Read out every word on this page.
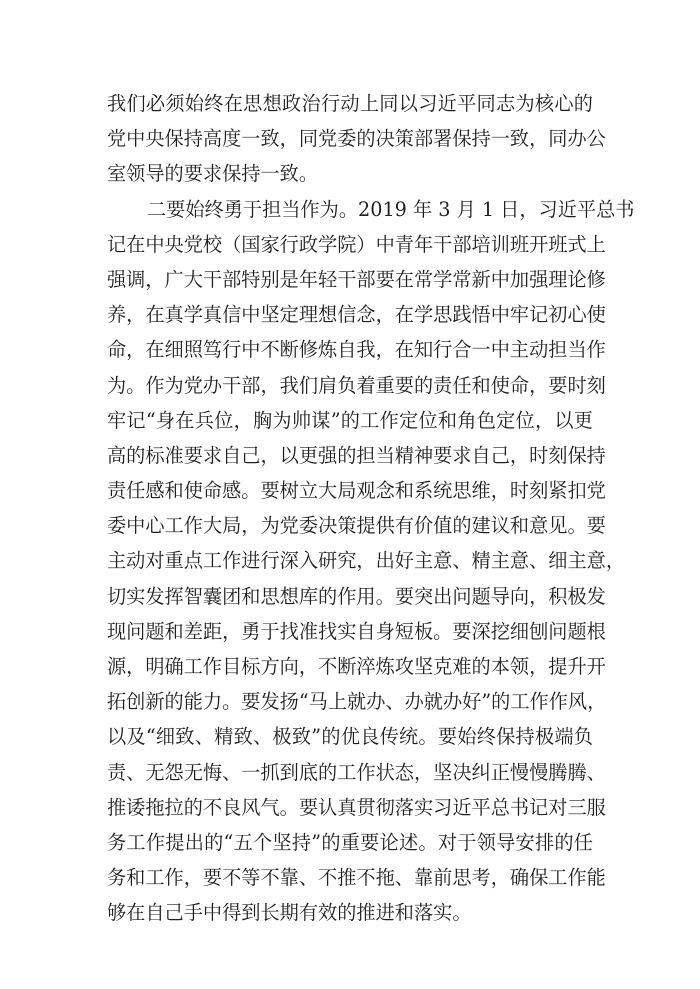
我们必须始终在思想政治行动上同以习近平同志为核心的
党中央保持高度一致，同党委的决策部署保持一致，同办公
室领导的要求保持一致。
二要始终勇于担当作为。2019 年 3 月 1 日，习近平总书
记在中央党校（国家行政学院）中青年干部培训班开班式上
强调，广大干部特别是年轻干部要在常学常新中加强理论修
养，在真学真信中坚定理想信念，在学思践悟中牢记初心使
命，在细照笃行中不断修炼自我，在知行合一中主动担当作
为。作为党办干部，我们肩负着重要的责任和使命，要时刻
牢记“身在兵位，胸为帅谋”的工作定位和角色定位，以更
高的标准要求自己，以更强的担当精神要求自己，时刻保持
责任感和使命感。要树立大局观念和系统思维，时刻紧扣党
委中心工作大局，为党委决策提供有价值的建议和意见。要
主动对重点工作进行深入研究，出好主意、精主意、细主意，
切实发挥智囊团和思想库的作用。要突出问题导向，积极发
现问题和差距，勇于找准找实自身短板。要深挖细刨问题根
源，明确工作目标方向，不断淬炼攻坚克难的本领，提升开
拓创新的能力。要发扬“马上就办、办就办好”的工作作风，
以及“细致、精致、极致”的优良传统。要始终保持极端负
责、无怨无悔、一抓到底的工作状态，坚决纠正慢慢腾腾、
推诿拖拉的不良风气。要认真贯彻落实习近平总书记对三服
务工作提出的“五个坚持”的重要论述。对于领导安排的任
务和工作，要不等不靠、不推不拖、靠前思考，确保工作能
够在自己手中得到长期有效的推进和落实。
